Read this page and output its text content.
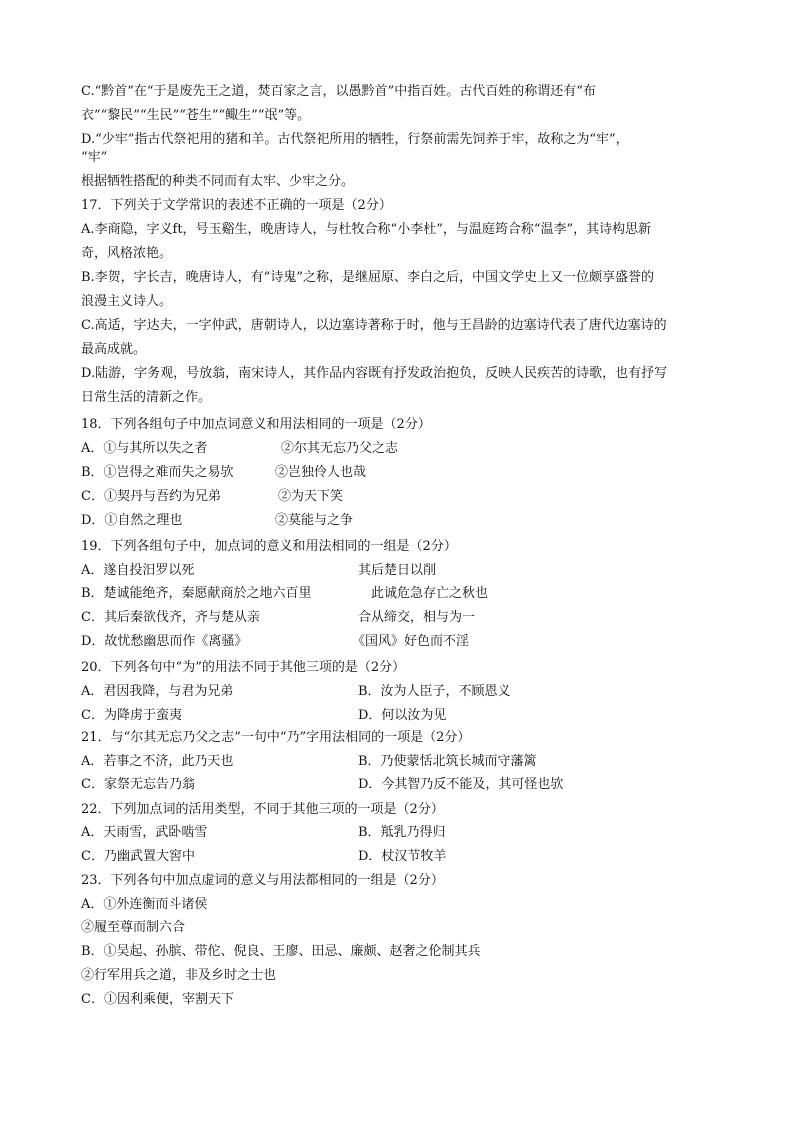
C.“黔首”在“于是废先王之道，焚百家之言，以愚黔首”中指百姓。古代百姓的称谓还有“布
衣”“黎民”“生民”“苍生”“鲰生”“氓”等。
D.“少牢”指古代祭祀用的猪和羊。古代祭祀所用的牺牲，行祭前需先饲养于牢，故称之为“牢”，
“牢”
根据牺牲搭配的种类不同而有太牢、少牢之分。
17．下列关于文学常识的表述不正确的一项是（2分）
A.李商隐，字义ft，号玉谿生，晚唐诗人，与杜牧合称“小李杜”，与温庭筠合称“温李”，其诗构思新
奇，风格浓艳。
B.李贺，字长吉，晚唐诗人，有“诗鬼”之称，是继屈原、李白之后，中国文学史上又一位颇享盛誉的
浪漫主义诗人。
C.高适，字达夫，一字仲武，唐朝诗人，以边塞诗著称于时，他与王昌龄的边塞诗代表了唐代边塞诗的
最高成就。
D.陆游，字务观，号放翁，南宋诗人，其作品内容既有抒发政治抱负，反映人民疾苦的诗歌，也有抒写
日常生活的清新之作。
18．下列各组句子中加点词意义和用法相同的一项是（2分）
A．①与其所以失之者	②尔其无忘乃父之志
B．①岂得之难而失之易欤	②岂独伶人也哉
C．①契丹与吾约为兄弟	②为天下笑
D．①自然之理也	②莫能与之争
19．下列各组句子中，加点词的意义和用法相同的一组是（2分）
A．遂自投汨罗以死	其后楚日以削
B．楚诚能绝齐，秦愿献商於之地六百里	此诚危急存亡之秋也
C．其后秦欲伐齐，齐与楚从亲	合从缔交，相与为一
D．故忧愁幽思而作《离骚》	《国风》好色而不淫
20．下列各句中“为”的用法不同于其他三项的是（2分）
A．君因我降，与君为兄弟	B．汝为人臣子，不顾恩义
C．为降虏于蛮夷	D．何以汝为见
21．与“尔其无忘乃父之志”一句中“乃”字用法相同的一项是（2分）
A．若事之不济，此乃天也	B．乃使蒙恬北筑长城而守藩篱
C．家祭无忘告乃翁	D．今其智乃反不能及，其可怪也欤
22．下列加点词的活用类型，不同于其他三项的一项是（2分）
A．天雨雪，武卧啮雪	B．羝乳乃得归
C．乃幽武置大窖中	D．杖汉节牧羊
23．下列各句中加点虚词的意义与用法都相同的一组是（2分）
A．①外连衡而斗诸侯
②履至尊而制六合
B．①吴起、孙膑、带佗、倪良、王廖、田忌、廉颇、赵奢之伦制其兵
②行军用兵之道，非及乡时之士也
C．①因利乘便，宰割天下
